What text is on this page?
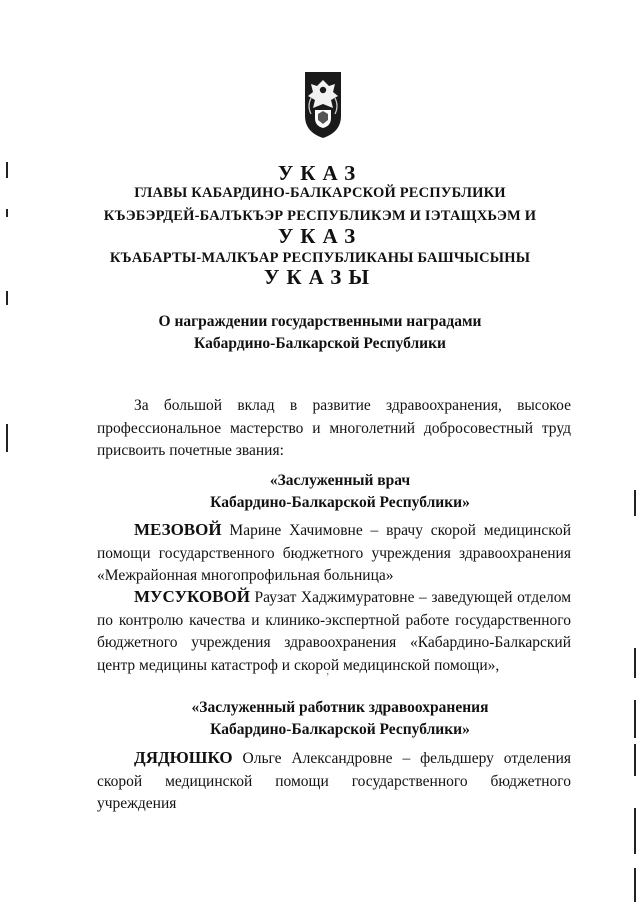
УКАЗ
ГЛАВЫ КАБАРДИНО-БАЛКАРСКОЙ РЕСПУБЛИКИ
КЪЭБЭРДЕЙ-БАЛЪКЪЭР РЕСПУБЛИКЭМ И ІЭТАЩХЬЭМ И
УКАЗ
КЪАБАРТЫ-МАЛКЪАР РЕСПУБЛИКАНЫ БАШЧЫСЫНЫ
УКАЗЫ
О награждении государственными наградами
Кабардино-Балкарской Республики

За большой вклад в развитие здравоохранения, высокое профессиональное мастерство и многолетний добросовестный труд присвоить почетные звания:

«Заслуженный врач
Кабардино-Балкарской Республики»

МЕЗОВОЙ Марине Хачимовне – врачу скорой медицинской помощи государственного бюджетного учреждения здравоохранения «Межрайонная многопрофильная больница»

МУСУКОВОЙ Раузат Хаджимуратовне – заведующей отделом по контролю качества и клинико-экспертной работе государственного бюджетного учреждения здравоохранения «Кабардино-Балкарский центр медицины катастроф и скорой медицинской помощи»,

«Заслуженный работник здравоохранения
Кабардино-Балкарской Республики»

ДЯДЮШКО Ольге Александровне – фельдшеру отделения скорой медицинской помощи государственного бюджетного учреждения

ʼ
